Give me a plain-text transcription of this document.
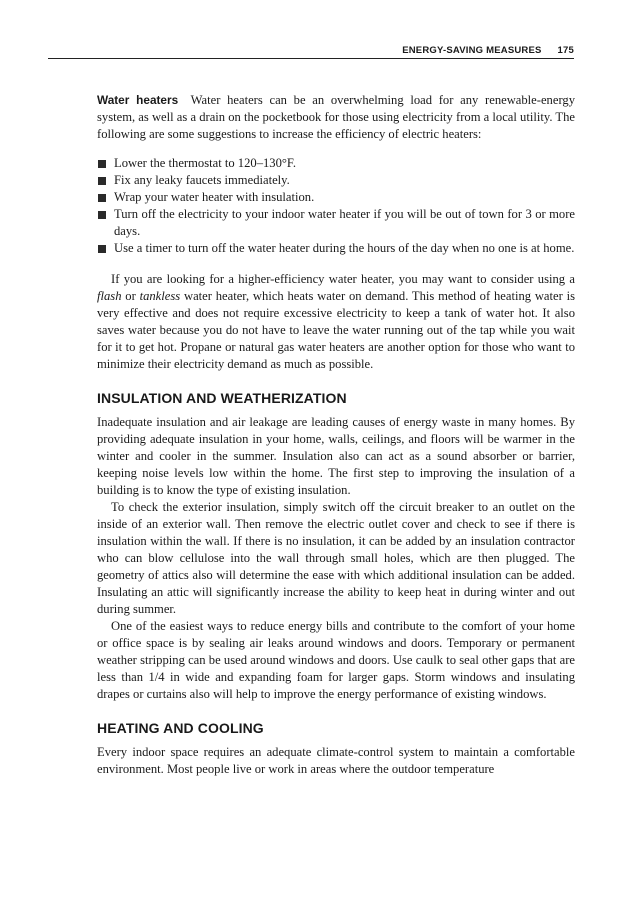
ENERGY-SAVING MEASURES 175

Water heaters Water heaters can be an overwhelming load for any renewable-energy system, as well as a drain on the pocketbook for those using electricity from a local utility. The following are some suggestions to increase the efficiency of electric heaters:

Lower the thermostat to 120–130°F.
Fix any leaky faucets immediately.
Wrap your water heater with insulation.
Turn off the electricity to your indoor water heater if you will be out of town for 3 or more days.
Use a timer to turn off the water heater during the hours of the day when no one is at home.

If you are looking for a higher-efficiency water heater, you may want to consider using a flash or tankless water heater, which heats water on demand. This method of heating water is very effective and does not require excessive electricity to keep a tank of water hot. It also saves water because you do not have to leave the water running out of the tap while you wait for it to get hot. Propane or natural gas water heaters are another option for those who want to minimize their electricity demand as much as possible.

INSULATION AND WEATHERIZATION

Inadequate insulation and air leakage are leading causes of energy waste in many homes. By providing adequate insulation in your home, walls, ceilings, and floors will be warmer in the winter and cooler in the summer. Insulation also can act as a sound absorber or barrier, keeping noise levels low within the home. The first step to improving the insulation of a building is to know the type of existing insulation.

To check the exterior insulation, simply switch off the circuit breaker to an outlet on the inside of an exterior wall. Then remove the electric outlet cover and check to see if there is insulation within the wall. If there is no insulation, it can be added by an insulation contractor who can blow cellulose into the wall through small holes, which are then plugged. The geometry of attics also will determine the ease with which additional insulation can be added. Insulating an attic will significantly increase the ability to keep heat in during winter and out during summer.

One of the easiest ways to reduce energy bills and contribute to the comfort of your home or office space is by sealing air leaks around windows and doors. Temporary or permanent weather stripping can be used around windows and doors. Use caulk to seal other gaps that are less than 1/4 in wide and expanding foam for larger gaps. Storm windows and insulating drapes or curtains also will help to improve the energy performance of existing windows.

HEATING AND COOLING

Every indoor space requires an adequate climate-control system to maintain a comfortable environment. Most people live or work in areas where the outdoor temperature
